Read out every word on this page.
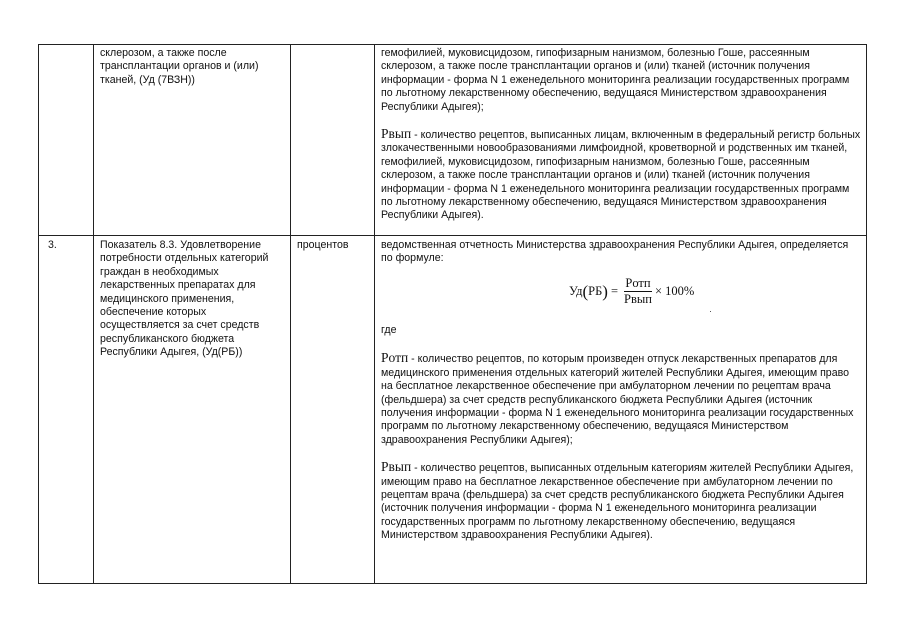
склерозом, а также после трансплантации органов и (или) тканей, (Уд (7ВЗН))

гемофилией, муковисцидозом, гипофизарным нанизмом, болезнью Гоше, рассеянным склерозом, а также после трансплантации органов и (или) тканей (источник получения информации - форма N 1 еженедельного мониторинга реализации государственных программ по льготному лекарственному обеспечению, ведущаяся Министерством здравоохранения Республики Адыгея);

Pвып - количество рецептов, выписанных лицам, включенным в федеральный регистр больных злокачественными новообразованиями лимфоидной, кроветворной и родственных им тканей, гемофилией, муковисцидозом, гипофизарным нанизмом, болезнью Гоше, рассеянным склерозом, а также после трансплантации органов и (или) тканей (источник получения информации - форма N 1 еженедельного мониторинга реализации государственных программ по льготному лекарственному обеспечению, ведущаяся Министерством здравоохранения Республики Адыгея).

3.	Показатель 8.3. Удовлетворение потребности отдельных категорий граждан в необходимых лекарственных препаратах для медицинского применения, обеспечение которых осуществляется за счет средств республиканского бюджета Республики Адыгея, (Уд(РБ))

процентов	ведомственная отчетность Министерства здравоохранения Республики Адыгея, определяется по формуле:

Уд ( РБ ) = $\frac{\text{Pотп}}{\text{Pвып}} \times 100\%$

где

Pотп - количество рецептов, по которым произведен отпуск лекарственных препаратов для медицинского применения отдельных категорий жителей Республики Адыгея, имеющим право на бесплатное лекарственное обеспечение при амбулаторном лечении по рецептам врача (фельдшера) за счет средств республиканского бюджета Республики Адыгея (источник получения информации - форма N 1 еженедельного мониторинга реализации государственных программ по льготному лекарственному обеспечению, ведущаяся Министерством здравоохранения Республики Адыгея);

Pвып - количество рецептов, выписанных отдельным категориям жителей Республики Адыгея, имеющим право на бесплатное лекарственное обеспечение при амбулаторном лечении по рецептам врача (фельдшера) за счет средств республиканского бюджета Республики Адыгея (источник получения информации - форма N 1 еженедельного мониторинга реализации государственных программ по льготному лекарственному обеспечению, ведущаяся Министерством здравоохранения Республики Адыгея).
